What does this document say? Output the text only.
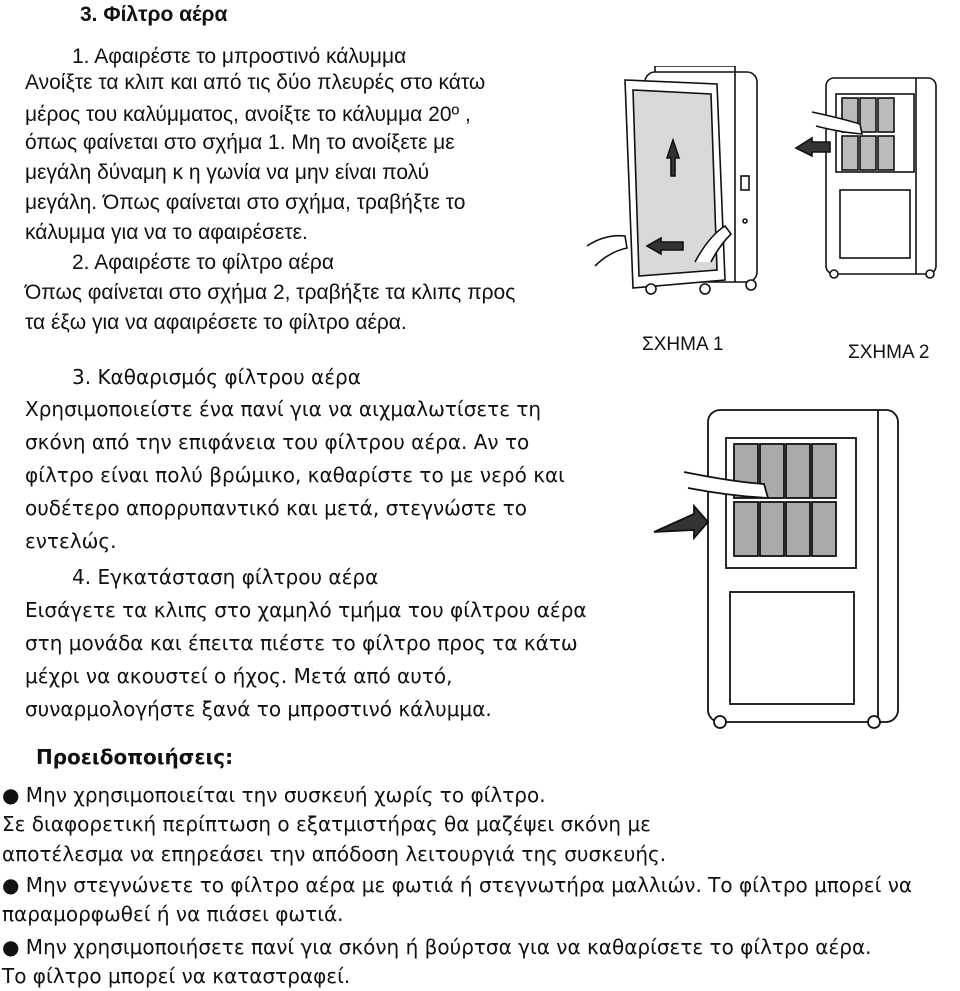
3. Φίλτρο αέρα
1. Αφαιρέστε το μπροστινό κάλυμμα
Ανοίξτε τα κλιπ και από τις δύο πλευρές στο κάτω
μέρος του καλύμματος, ανοίξτε το κάλυμμα 20º ,
όπως φαίνεται στο σχήμα 1. Μη το ανοίξετε με
μεγάλη δύναμη κ η γωνία να μην είναι πολύ
μεγάλη. Όπως φαίνεται στο σχήμα, τραβήξτε το
κάλυμμα για να το αφαιρέσετε.
2. Αφαιρέστε το φίλτρο αέρα
Όπως φαίνεται στο σχήμα 2, τραβήξτε τα κλιπς προς
τα έξω για να αφαιρέσετε το φίλτρο αέρα.
3. Καθαρισμός φίλτρου αέρα
Χρησιμοποιείστε ένα πανί για να αιχμαλωτίσετε τη
σκόνη από την επιφάνεια του φίλτρου αέρα. Αν το
φίλτρο είναι πολύ βρώμικο, καθαρίστε το με νερό και
ουδέτερο απορρυπαντικό και μετά, στεγνώστε το
εντελώς.
4. Εγκατάσταση φίλτρου αέρα
Εισάγετε τα κλιπς στο χαμηλό τμήμα του φίλτρου αέρα
στη μονάδα και έπειτα πιέστε το φίλτρο προς τα κάτω
μέχρι να ακουστεί ο ήχος. Μετά από αυτό,
συναρμολογήστε ξανά το μπροστινό κάλυμμα.
ΣΧΗΜΑ 1	ΣΧΗΜΑ 2
Προειδοποιήσεις:
● Μην χρησιμοποιείται την συσκευή χωρίς το φίλτρο.
Σε διαφορετική περίπτωση ο εξατμιστήρας θα μαζέψει σκόνη με
αποτέλεσμα να επηρεάσει την απόδοση λειτουργιά της συσκευής.
● Μην στεγνώνετε το φίλτρο αέρα με φωτιά ή στεγνωτήρα μαλλιών. Το φίλτρο μπορεί να
παραμορφωθεί ή να πιάσει φωτιά.
● Μην χρησιμοποιήσετε πανί για σκόνη ή βούρτσα για να καθαρίσετε το φίλτρο αέρα.
Το φίλτρο μπορεί να καταστραφεί.
